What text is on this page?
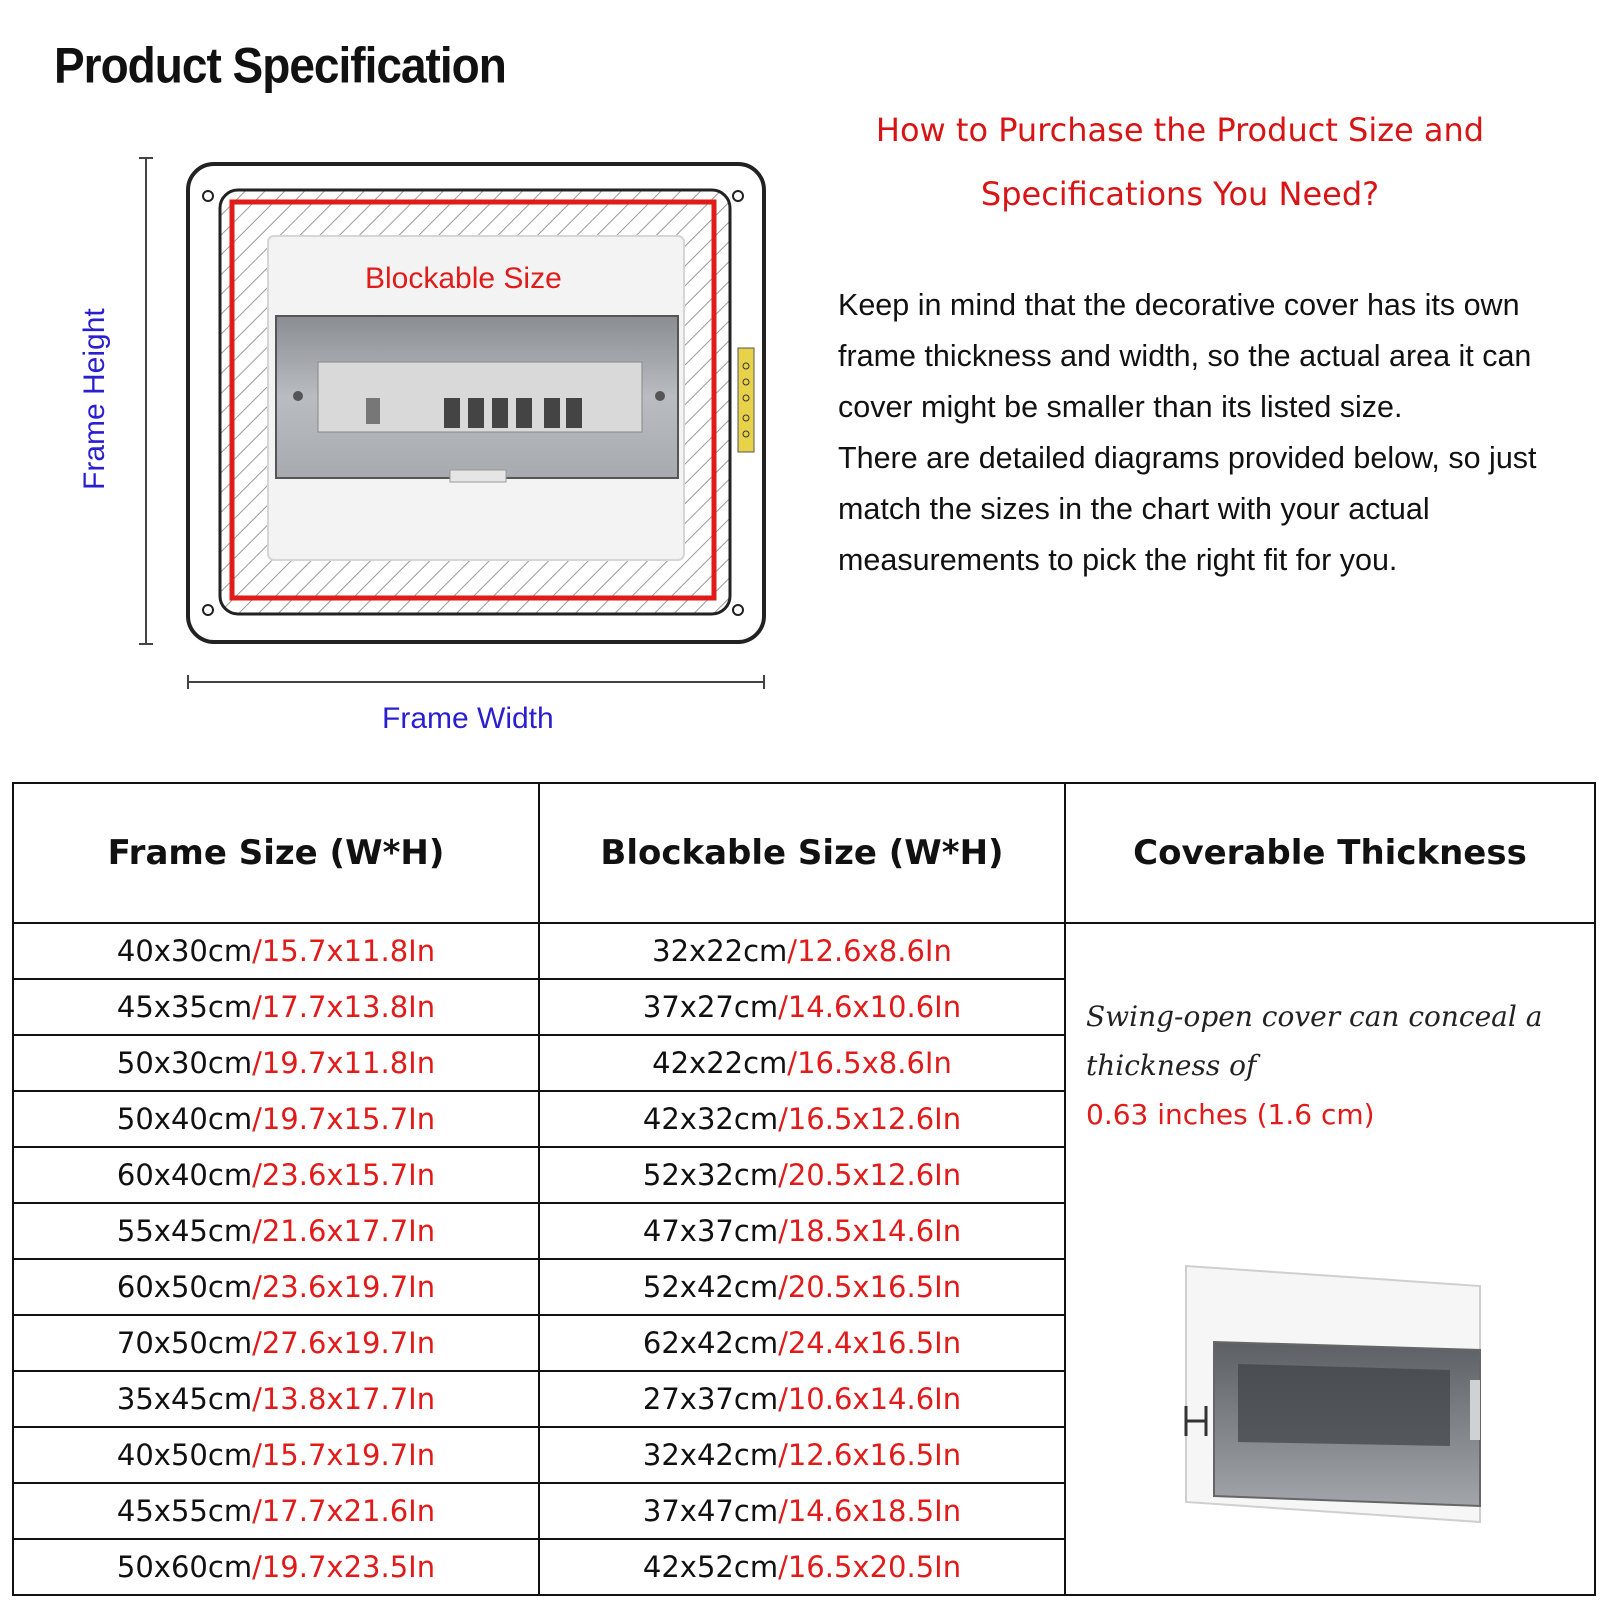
Product Specification
Frame Height
Frame Width
Blockable Size
How to Purchase the Product Size and
Specifications You Need?

Keep in mind that the decorative cover has its own frame thickness and width, so the actual area it can cover might be smaller than its listed size.

There are detailed diagrams provided below, so just match the sizes in the chart with your actual measurements to pick the right fit for you.

Frame Size (W*H)	Blockable Size (W*H)	Coverable Thickness
40x30cm/15.7x11.8In	32x22cm/12.6x8.6In	Swing-open cover can conceal a thickness of
0.63 inches (1.6 cm)

45x35cm/17.7x13.8In	37x27cm/14.6x10.6In	
50x30cm/19.7x11.8In	42x22cm/16.5x8.6In	
50x40cm/19.7x15.7In	42x32cm/16.5x12.6In	
60x40cm/23.6x15.7In	52x32cm/20.5x12.6In	
55x45cm/21.6x17.7In	47x37cm/18.5x14.6In	
60x50cm/23.6x19.7In	52x42cm/20.5x16.5In	
70x50cm/27.6x19.7In	62x42cm/24.4x16.5In	
35x45cm/13.8x17.7In	27x37cm/10.6x14.6In	
40x50cm/15.7x19.7In	32x42cm/12.6x16.5In	
45x55cm/17.7x21.6In	37x47cm/14.6x18.5In	
50x60cm/19.7x23.5In	42x52cm/16.5x20.5In	
